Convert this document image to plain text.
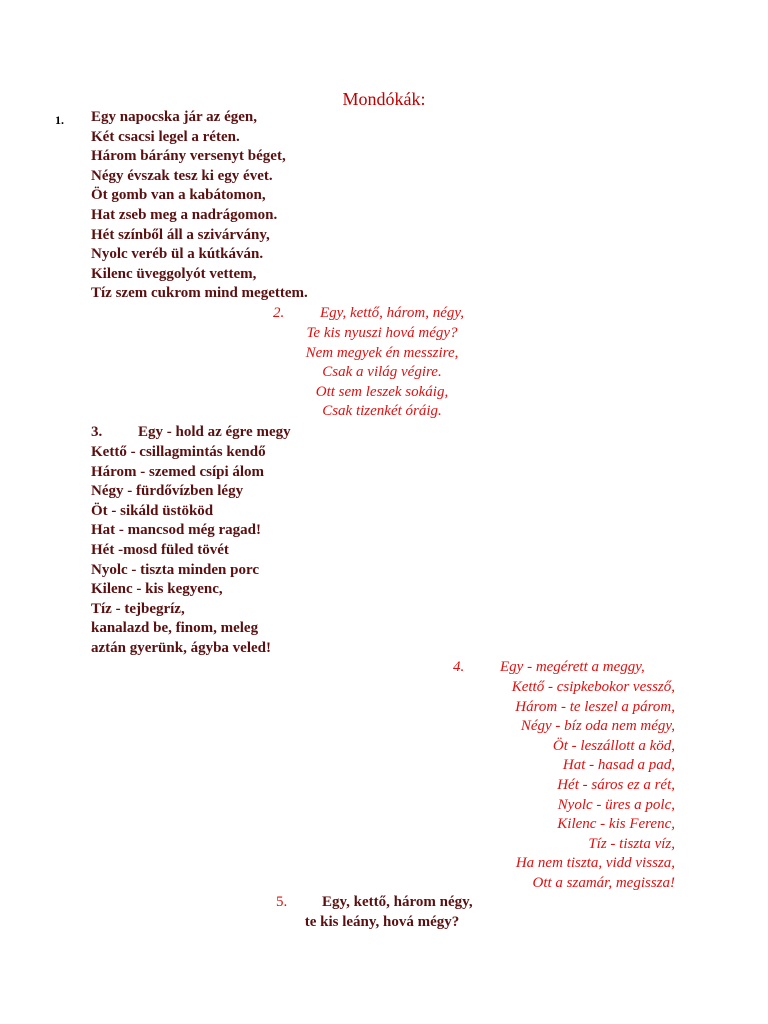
Mondókák:
1. Egy napocska jár az égen,
Két csacsi legel a réten.
Három bárány versenyt béget,
Négy évszak tesz ki egy évet.
Öt gomb van a kabátomon,
Hat zseb meg a nadrágomon.
Hét színből áll a szivárvány,
Nyolc veréb ül a kútkáván.
Kilenc üveggolyót vettem,
Tíz szem cukrom mind megettem.
2. Egy, kettő, három, négy,
Te kis nyuszi hová mégy?
Nem megyek én messzire,
Csak a világ végire.
Ott sem leszek sokáig,
Csak tizenkét óráig.
3. Egy - hold az égre megy
Kettő - csillagmintás kendő
Három - szemed csípi álom
Négy - fürdővízben légy
Öt - sikáld üstököd
Hat - mancsod még ragad!
Hét -mosd füled tövét
Nyolc - tiszta minden porc
Kilenc - kis kegyenc,
Tíz - tejbegríz,
kanalazd be, finom, meleg
aztán gyerünk, ágyba veled!
4. Egy - megérett a meggy,
Kettő - csipkebokor vessző,
Három - te leszel a párom,
Négy - bíz oda nem mégy,
Öt - leszállott a köd,
Hat - hasad a pad,
Hét - sáros ez a rét,
Nyolc - üres a polc,
Kilenc - kis Ferenc,
Tíz - tiszta víz,
Ha nem tiszta, vidd vissza,
Ott a szamár, megissza!
5. Egy, kettő, három négy,
te kis leány, hová mégy?
